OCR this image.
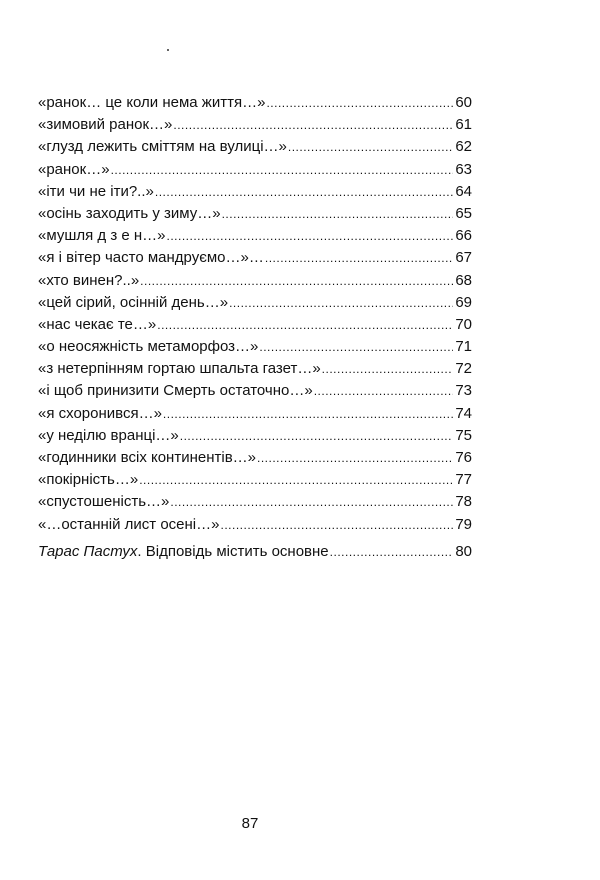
«ранок… це коли нема життя…» .....	60
«зимовий ранок…» .....	61
«глузд лежить сміттям на вулиці…» .....	62
«ранок…» .....	63
«іти чи не іти?..» .....	64
«осінь заходить у зиму…» .....	65
«мушля д з е н…» .....	66
«я і вітер часто мандруємо…»… .....	67
«хто винен?..» .....	68
«цей сірий, осінній день…» .....	69
«нас чекає те…» .....	70
«о неосяжність метаморфоз…» .....	71
«з нетерпінням гортаю шпальта газет…» .....	72
«і щоб принизити Смерть остаточно…» .....	73
«я схоронився…» .....	74
«у неділю вранці…» .....	75
«годинники всіх континентів…» .....	76
«покірність…» .....	77
«спустошеність…» .....	78
«…останній лист осені…» .....	79
Тарас Пастух. Відповідь містить основне .....	80
87
